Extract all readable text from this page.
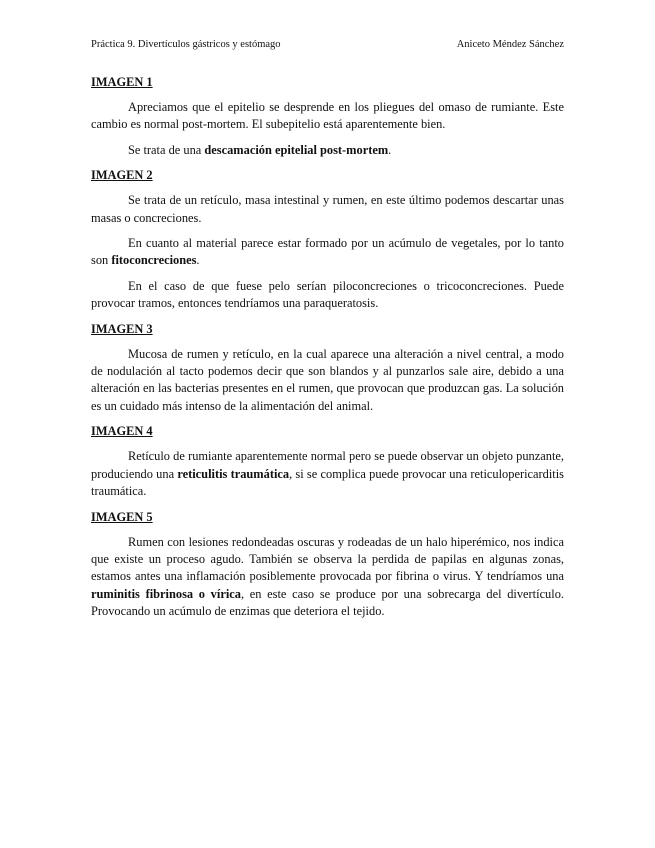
Práctica 9. Divertículos gástricos y estómago	Aniceto Méndez Sánchez
IMAGEN 1

Apreciamos que el epitelio se desprende en los pliegues del omaso de rumiante. Este cambio es normal post-mortem. El subepitelio está aparentemente bien.

Se trata de una descamación epitelial post-mortem.

IMAGEN 2

Se trata de un retículo, masa intestinal y rumen, en este último podemos descartar unas masas o concreciones.

En cuanto al material parece estar formado por un acúmulo de vegetales, por lo tanto son fitoconcreciones.

En el caso de que fuese pelo serían piloconcreciones o tricoconcreciones. Puede provocar tramos, entonces tendríamos una paraqueratosis.

IMAGEN 3

Mucosa de rumen y retículo, en la cual aparece una alteración a nivel central, a modo de nodulación al tacto podemos decir que son blandos y al punzarlos sale aire, debido a una alteración en las bacterias presentes en el rumen, que provocan que produzcan gas. La solución es un cuidado más intenso de la alimentación del animal.

IMAGEN 4

Retículo de rumiante aparentemente normal pero se puede observar un objeto punzante, produciendo una reticulitis traumática, si se complica puede provocar una reticulopericarditis traumática.

IMAGEN 5

Rumen con lesiones redondeadas oscuras y rodeadas de un halo hiperémico, nos indica que existe un proceso agudo. También se observa la perdida de papilas en algunas zonas, estamos antes una inflamación posiblemente provocada por fibrina o virus. Y tendríamos una ruminitis fibrinosa o vírica, en este caso se produce por una sobrecarga del divertículo. Provocando un acúmulo de enzimas que deteriora el tejido.
